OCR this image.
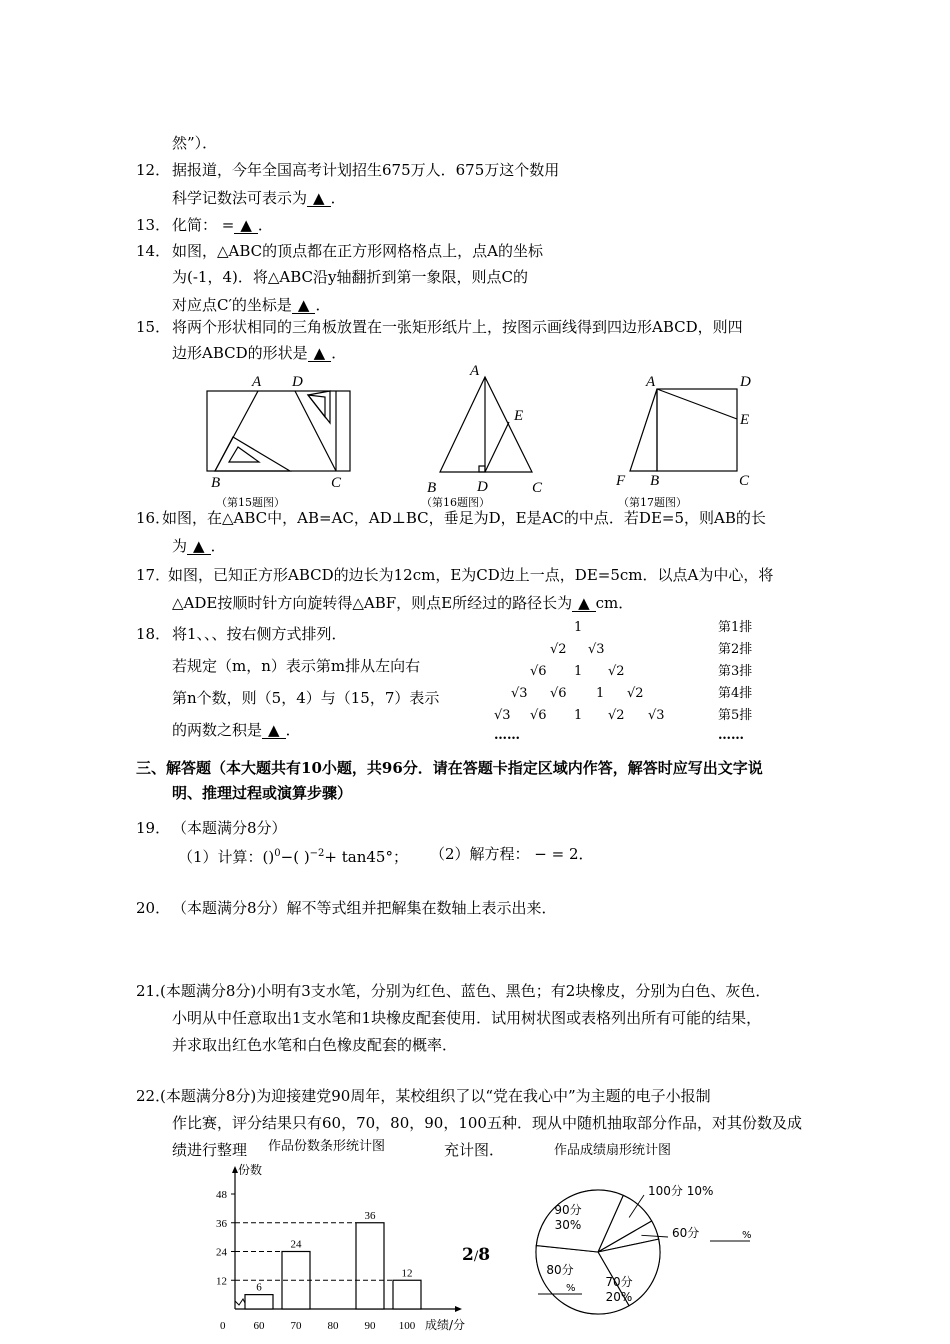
然”）．
12． 据报道，今年全国高考计划招生675万人．675万这个数用
科学记数法可表示为 ▲ ．
13． 化简： = ▲ ．
14． 如图，△ABC的顶点都在正方形网格格点上，点A的坐标
为(-1，4)．将△ABC沿y轴翻折到第一象限，则点C的
对应点C′的坐标是 ▲ ．
15． 将两个形状相同的三角板放置在一张矩形纸片上，按图示画线得到四边形ABCD，则四
边形ABCD的形状是 ▲ ．
A D
B	C
A
E
B	D	C
A	D
E
F B	C
（第15题图）	（第16题图）	（第17题图）
16．
如图，在△ABC中，AB=AC，AD⊥BC，垂足为D，E是AC的中点．若DE=5，则AB的长
为 ▲ ．
17．
如图，已知正方形ABCD的边长为12cm，E为CD边上一点，DE=5cm．以点A为中心，将
△ADE按顺时针方向旋转得△ABF，则点E所经过的路径长为 ▲ cm．
18． 将1、、、按右侧方式排列．
若规定（m，n）表示第m排从左向右
第n个数，则（5，4）与（15，7）表示
的两数之积是 ▲ ．
1
√2 √3
√6 1 √2
√3 √6 1 √2
√3 √6 1 √2 √3
……
第1排
第2排
第3排
第4排
第5排
……
三、解答题（本大题共有10小题，共96分．请在答题卡指定区域内作答，解答时应写出文字说
明、推理过程或演算步骤）
19． （本题满分8分）
（1）计算：()$^0$−( )$^{-2}$+ tan45°； （2）解方程： − = 2．
20． （本题满分8分）解不等式组并把解集在数轴上表示出来．
21．
(本题满分8分)小明有3支水笔，分别为红色、蓝色、黑色；有2块橡皮，分别为白色、灰色．
小明从中任意取出1支水笔和1块橡皮配套使用．试用树状图或表格列出所有可能的结果，
并求取出红色水笔和白色橡皮配套的概率．
22．
(本题满分8分)为迎接建党90周年，某校组织了以“党在我心中”为主题的电子小报制
作比赛，评分结果只有60，70，80，90，100五种．现从中随机抽取部分作品，对其份数及成
绩进行整理	充计图．
作品份数条形统计图
份数
成绩/分
0
12
24
36
48
60
6
70
24
80 90
36
100
12
作品成绩扇形统计图
100分 10%
60分	%
70分
20%
80分
%
90分
30%
2/8
